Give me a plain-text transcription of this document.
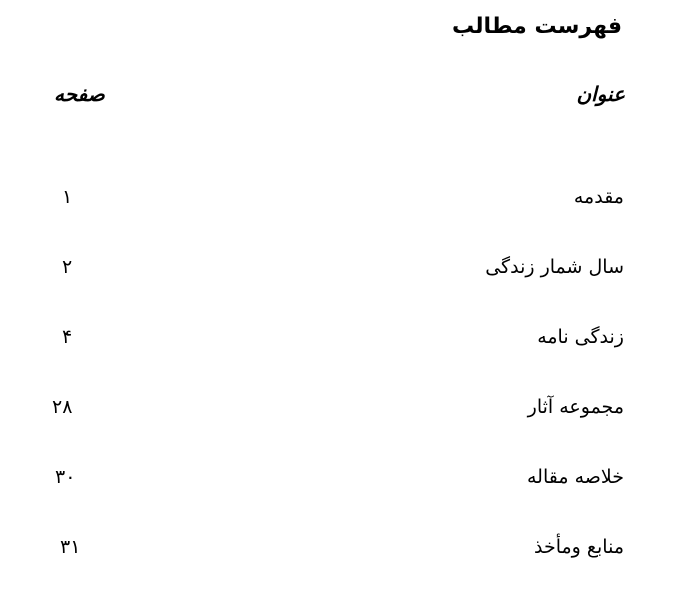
فهرست مطالب
عنوان
صفحه
مقدمه
۱
سال شمار زندگی
۲
زندگی نامه
۴
مجموعه آثار
۲۸
خلاصه مقاله
۳۰
منابع ومأخذ
۳۱
